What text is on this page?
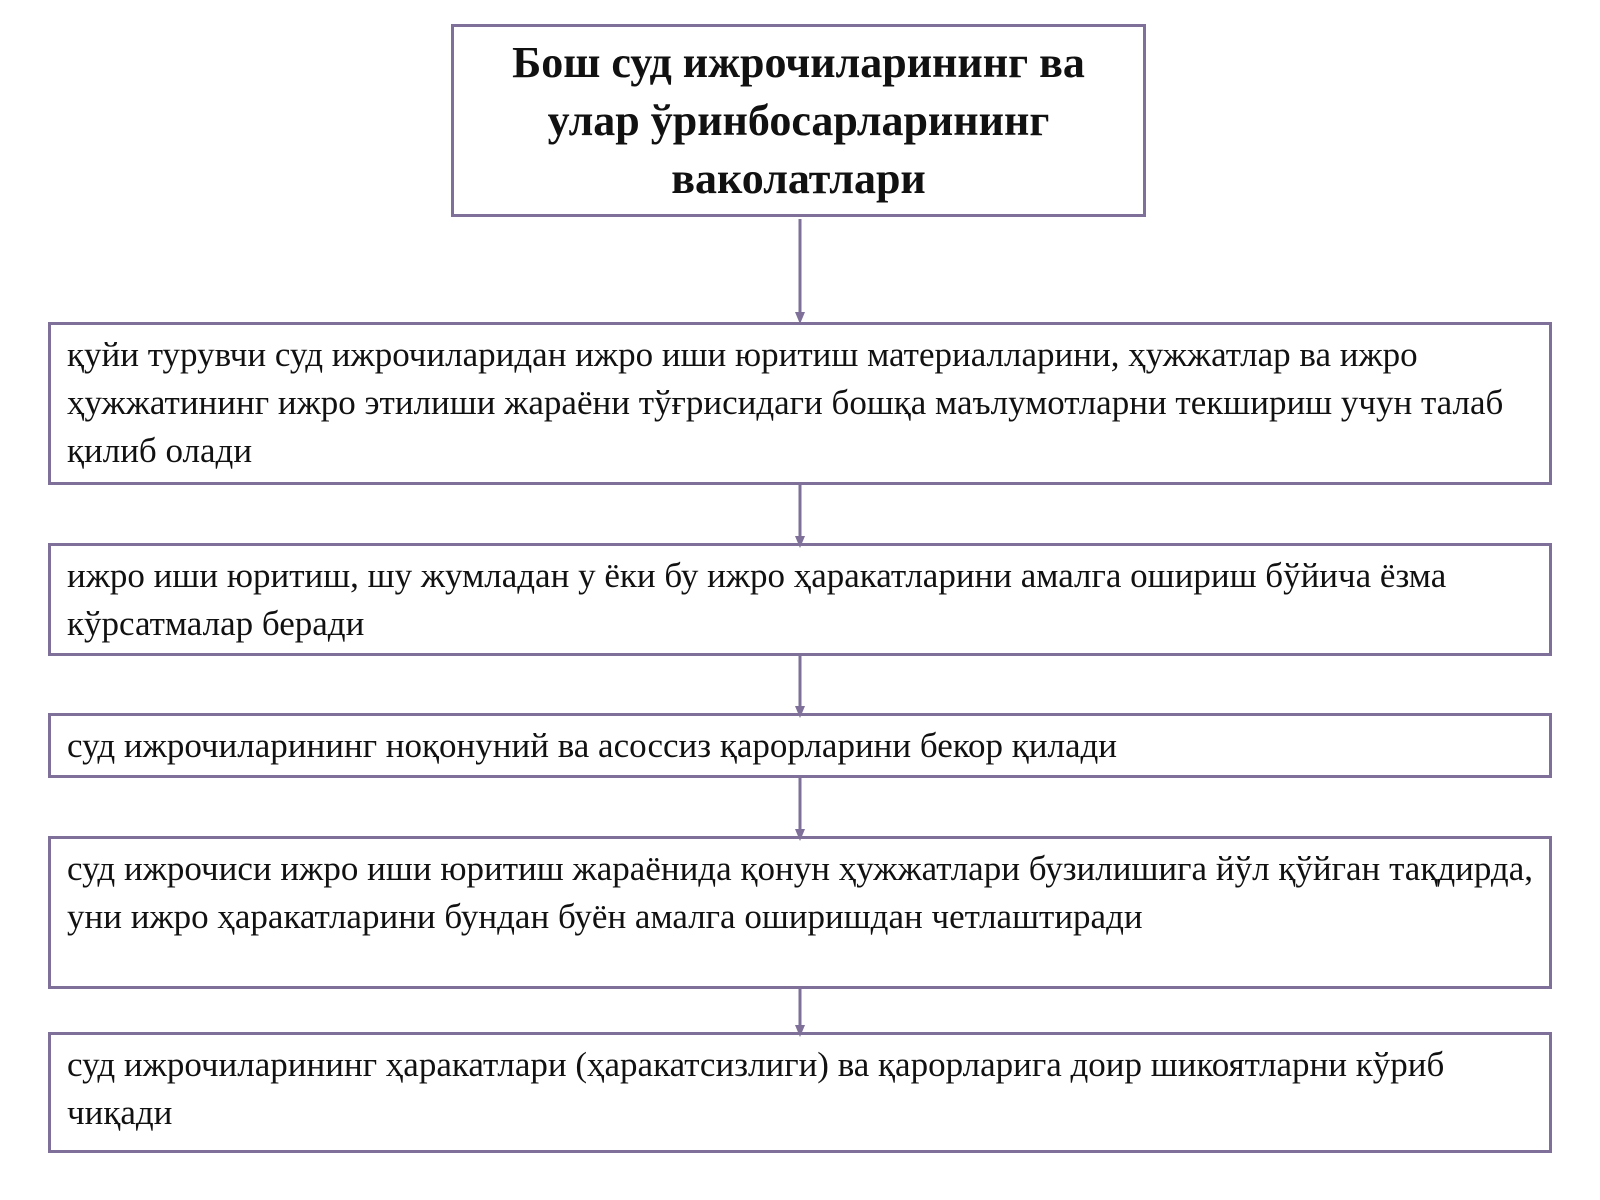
Бош суд ижрочиларининг ва улар ўринбосарларининг ваколатлари
қуйи турувчи суд ижрочиларидан ижро иши юритиш материалларини, ҳужжатлар ва ижро ҳужжатининг ижро этилиши жараёни тўғрисидаги бошқа маълумотларни текшириш учун талаб қилиб олади
ижро иши юритиш, шу жумладан у ёки бу ижро ҳаракатларини амалга ошириш бўйича ёзма кўрсатмалар беради
суд ижрочиларининг ноқонуний ва асоссиз қарорларини бекор қилади
суд ижрочиси ижро иши юритиш жараёнида қонун ҳужжатлари бузилишига йўл қўйган тақдирда, уни ижро ҳаракатларини бундан буён амалга оширишдан четлаштиради
суд ижрочиларининг ҳаракатлари (ҳаракатсизлиги) ва қарорларига доир шикоятларни кўриб чиқади
